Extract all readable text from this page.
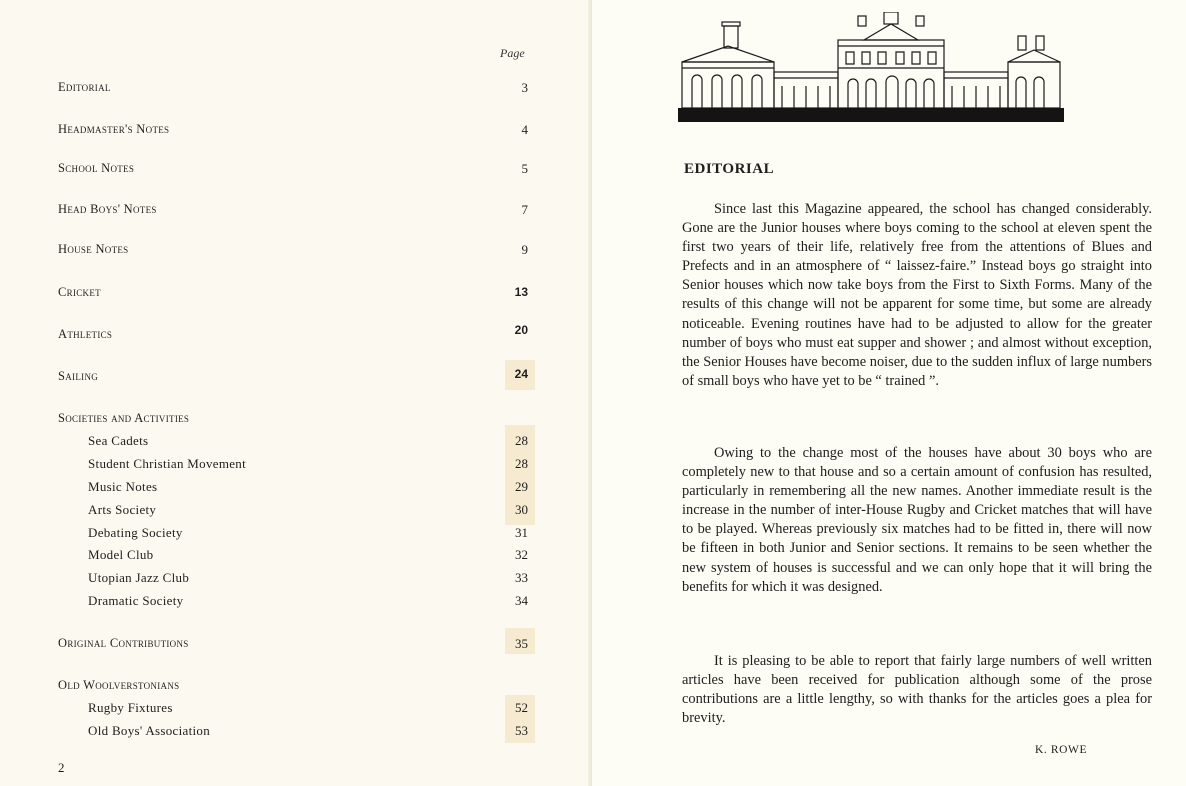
Page
Editorial	3
Headmaster's Notes	4
School Notes	5
Head Boys' Notes	7
House Notes	9
Cricket	13
Athletics	20
Sailing	24
Societies and Activities
Sea Cadets	28
Student Christian Movement	28
Music Notes	29
Arts Society	30
Debating Society	31
Model Club	32
Utopian Jazz Club	33
Dramatic Society	34
Original Contributions	35
Old Woolverstonians
Rugby Fixtures	52
Old Boys' Association	53
2
EDITORIAL

Since last this Magazine appeared, the school has changed considerably. Gone are the Junior houses where boys coming to the school at eleven spent the first two years of their life, relatively free from the attentions of Blues and Prefects and in an atmosphere of “ laissez-faire.” Instead boys go straight into Senior houses which now take boys from the First to Sixth Forms. Many of the results of this change will not be apparent for some time, but some are already noticeable. Evening routines have had to be adjusted to allow for the greater number of boys who must eat supper and shower ; and almost without exception, the Senior Houses have become noiser, due to the sudden influx of large numbers of small boys who have yet to be “ trained ”.

Owing to the change most of the houses have about 30 boys who are completely new to that house and so a certain amount of confusion has resulted, particularly in remembering all the new names. Another immediate result is the increase in the number of inter-House Rugby and Cricket matches that will have to be played. Whereas previously six matches had to be fitted in, there will now be fifteen in both Junior and Senior sections. It remains to be seen whether the new system of houses is successful and we can only hope that it will bring the benefits for which it was designed.

It is pleasing to be able to report that fairly large numbers of well written articles have been received for publication although some of the prose contributions are a little lengthy, so with thanks for the articles goes a plea for brevity.

K. ROWE
